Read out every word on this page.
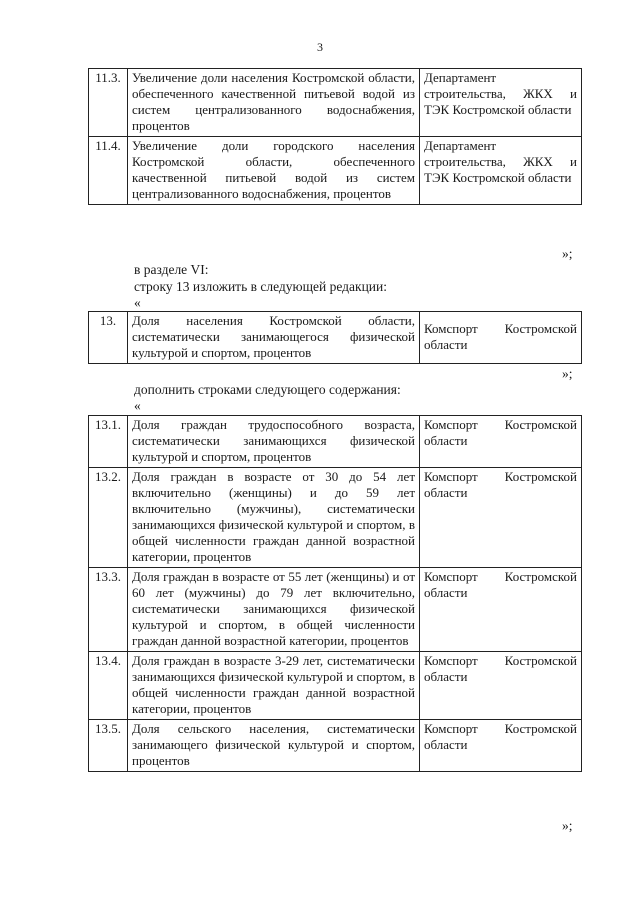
3
11.3.	Увеличение доли населения Костромской области, обеспеченного качественной питьевой водой из систем централизованного водоснабжения, процентов	Департамент строительства, ЖКХ и ТЭК Костромской области
11.4.	Увеличение доли городского населения Костромской области, обеспеченного качественной питьевой водой из систем централизованного водоснабжения, процентов	Департамент строительства, ЖКХ и ТЭК Костромской области
»;
в разделе VI:
строку 13 изложить в следующей редакции:
«
13.	Доля населения Костромской области, систематически занимающегося физической культурой и спортом, процентов	Комспорт Костромской области
»;
дополнить строками следующего содержания:
«
13.1.	Доля граждан трудоспособного возраста, систематически занимающихся физической культурой и спортом, процентов	Комспорт Костромской области
13.2.	Доля граждан в возрасте от 30 до 54 лет включительно (женщины) и до 59 лет включительно (мужчины), систематически занимающихся физической культурой и спортом, в общей численности граждан данной возрастной категории, процентов	Комспорт Костромской области
13.3.	Доля граждан в возрасте от 55 лет (женщины) и от 60 лет (мужчины) до 79 лет включительно, систематически занимающихся физической культурой и спортом, в общей численности граждан данной возрастной категории, процентов	Комспорт Костромской области
13.4.	Доля граждан в возрасте 3-29 лет, систематически занимающихся физической культурой и спортом, в общей численности граждан данной возрастной категории, процентов	Комспорт Костромской области
13.5.	Доля сельского населения, систематически занимающего физической культурой и спортом, процентов	Комспорт Костромской области
»;
